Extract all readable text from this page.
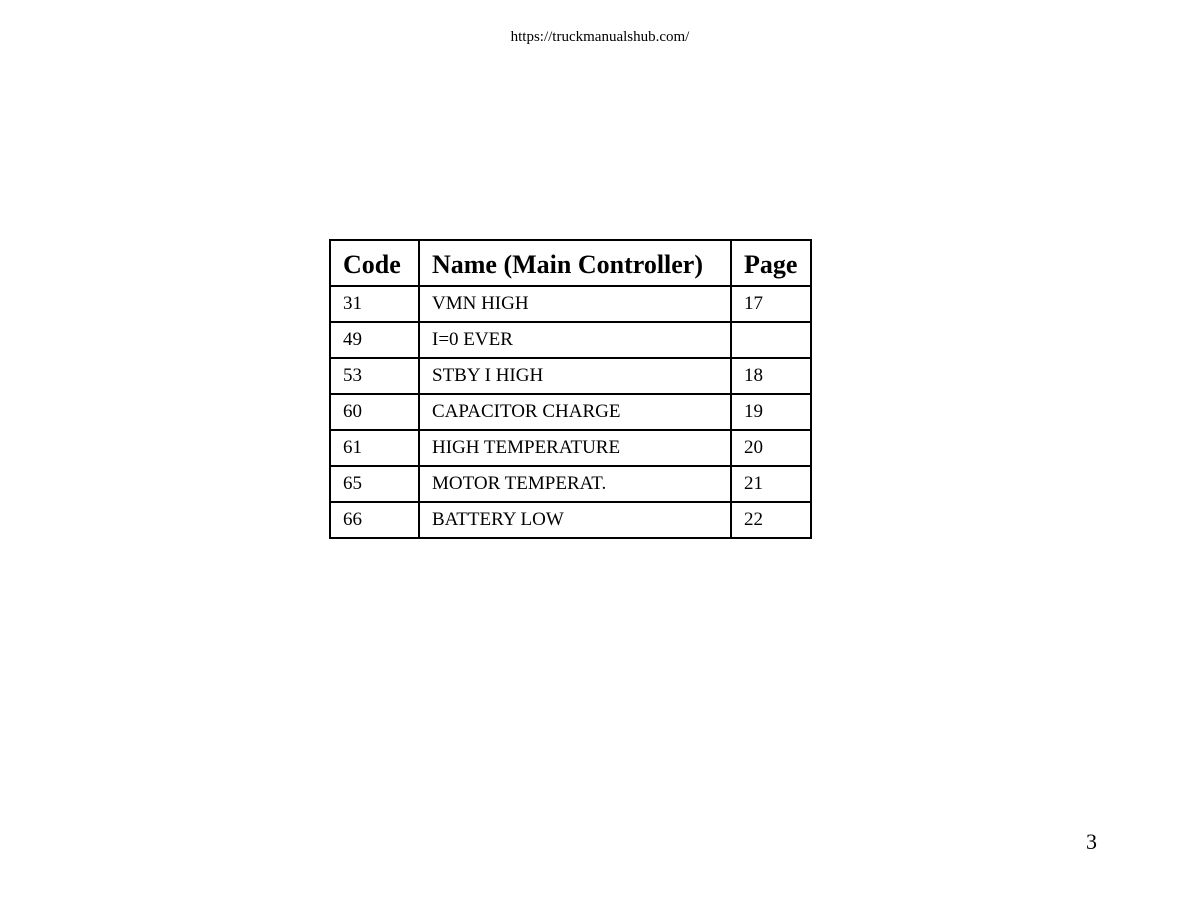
https://truckmanualshub.com/
Code	Name (Main Controller)	Page
31	VMN HIGH	17
49	I=0 EVER	
53	STBY I HIGH	18
60	CAPACITOR CHARGE	19
61	HIGH TEMPERATURE	20
65	MOTOR TEMPERAT.	21
66	BATTERY LOW	22
3
